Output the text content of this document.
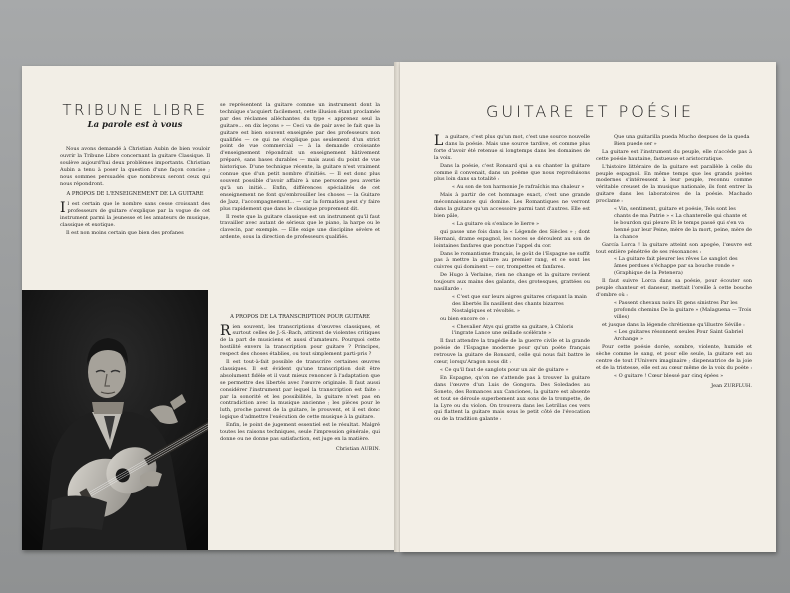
TRIBUNE LIBRE
La parole est à vous

Nous avons demandé à Christian Aubin de bien vouloir ouvrir la Tribune Libre concernant la guitare Classique. Il soulève aujourd'hui deux problèmes importants. Christian Aubin a tenu à poser la question d'une façon concise ; nous sommes persuadés que nombreux seront ceux qui nous répondront.

A PROPOS DE L'ENSEIGNEMENT DE LA GUITARE

Il est certain que le nombre sans cesse croissant des professeurs de guitare s'explique par la vogue de cet instrument parmi la jeunesse et les amateurs de musique, classique et exotique.

Il est non moins certain que bien des profanes

se représentent la guitare comme un instrument dont la technique s'acquiert facilement, cette illusion étant proclamée par des réclames alléchantes du type « apprenez seul la guitare... en dix leçons » — Ceci va de pair avec le fait que la guitare est bien souvent enseignée par des professeurs non qualifiés — ce qui ne s'explique pas seulement d'un strict point de vue commercial — à la demande croissante d'enseignement répondrait un enseignement hâtivement préparé, sans bases durables — mais aussi du point de vue historique. D'une technique récente, la guitare n'est vraiment connue que d'un petit nombre d'initiés. — Il est donc plus souvent possible d'avoir affaire à une personne peu avertie qu'à un initié... Enfin, différences spécialités de cet enseignement ne font qu'embrouiller les choses — la Guitare de Jazz, l'accompagnement... — car la formation peut s'y faire plus rapidement que dans le classique proprement dit.

Il reste que la guitare classique est un instrument qu'il faut travailler avec autant de sérieux que le piano, la harpe ou le clavecin, par exemple. — Elle exige une discipline sévère et ardente, sous la direction de professeurs qualifiés.

A PROPOS DE LA TRANSCRIPTION POUR GUITARE

Rien souvent, les transcriptions d'œuvres classiques, et surtout celles de J.-S.-Bach, attirent de violentes critiques de la part de musiciens et aussi d'amateurs. Pourquoi cette hostilité envers la transcription pour guitare ? Principes, respect des choses établies, ou tout simplement parti-pris ?

Il est tout-à-fait possible de transcrire certaines œuvres classiques. Il est évident qu'une transcription doit être absolument fidèle et il vaut mieux renoncer à l'adaptation que se permettre des libertés avec l'œuvre originale. Il faut aussi considérer l'instrument par lequel la transcription est faite : par la sonorité et les possibilités, la guitare n'est pas en contradiction avec la musique ancienne ; les pièces pour le luth, proche parent de la guitare, le prouvent, et il est donc logique d'admettre l'exécution de cette musique à la guitare.

Enfin, le point de jugement essentiel est le résultat. Malgré toutes les raisons techniques, seule l'impression générale, qui donne ou ne donne pas satisfaction, est juge en la matière.

Christian AUBIN.
GUITARE ET POÉSIE

La guitare, c'est plus qu'un mot, c'est une source nouvelle dans la poésie. Mais une source tardive, et comme plus forte d'avoir été retenue si longtemps dans les domaines de la voix.

Dans la poésie, c'est Ronsard qui a su chanter la guitare comme il convenait, dans un poème que nous reproduisons plus loin dans sa totalité :

« Au son de ton harmonie Je rafraîchis ma chaleur »

Mais à partir de cet hommage exact, c'est une grande méconnaissance qui domine. Les Romantiques ne verront dans la guitare qu'un accessoire parmi tant d'autres. Elle est bien pâle,

« La guitare où s'enlace le lierre »

qui passe une fois dans la « Légende des Siècles » ; dont Hernani, drame espagnol, les noces se déroulent au son de lointaines fanfares que ponctue l'appel du cor.

Dans le romantisme français, le goût de l'Espagne ne suffit pas à mettre la guitare au premier rang, et ce sont les cuivres qui dominent — cor, trompettes et fanfares.

De Hugo à Verlaine, rien ne change et la guitare revient toujours aux mains des galants, des grotesques, grattées ou nasillarde :

« C'est que sur leurs aigres guitares crispant la main des libertés Ils nasillent des chants bizarres Nostalgiques et révoltés. »

ou bien encore ce :

« Chevalier Atys qui gratte sa guitare, à Chloris l'ingrate Lance une œillade scélérate »

Il faut attendre la tragédie de la guerre civile et la grande poésie de l'Espagne moderne pour qu'un poète français retrouve la guitare de Ronsard, celle qui nous fait battre le cœur, lorsqu'Aragon nous dit :

« Ce qu'il faut de sanglots pour un air de guitare »

En Espagne, qu'on ne s'attende pas à trouver la guitare dans l'œuvre d'un Luis de Gongora. Des Soledades au Soneto, des Romances aux Canciones, la guitare est absente et tout se déroule superbement aux sons de la trompette, de la Lyre ou du violon. On trouvera dans les Letrillas ces vers qui flattent la guitare mais sous le petit côté de l'évocation ou de la tradition galante :

Que una guitarilla pueda Mucho despues de la queda Bien puede ser »

La guitare est l'instrument du peuple, elle n'accède pas à cette poésie hautaine, fastueuse et aristocratique.

L'histoire littéraire de la guitare est parallèle à celle du peuple espagnol. En même temps que les grands poètes modernes s'intéressent à leur peuple, reconnu comme véritable creuset de la musique nationale, ils font entrer la guitare dans les laboratoires de la poésie. Machado proclame :

« Vin, sentiment, guitare et poésie, Tels sont les chants de ma Patrie » « La chanterelle qui chante et le bourdon qui pleure Et le temps passé qui s'en va henné par leur Peine, mère de la mort, peine, mère de la chance

García Lorca ! la guitare atteint son apogée, l'œuvre est tout entière pénétrée de ses résonances :

« La guitare fait pleurer les rêves Le sanglot des âmes perdues s'échappe par sa bouche ronde » (Graphique de la Petenera)

Il faut suivre Lorca dans sa poésie, pour écouter son peuple chanteur et danseur, mettait l'oreille à cette bouche d'ombre où :

« Passent chevaux noirs Et gens sinistres Par les profonds chemins De la guitare » (Malaguena — Trois villes)

et jusque dans la légende chrétienne qu'illustre Séville :

« Les guitares résonnent seules Pour Saint Gabriel Archange »

Pour cette poésie dorée, sombre, violente, humide et sèche comme le sang, et pour elle seule, la guitare est au centre de tout l'Univers imaginaire ; dispensatrice de la joie et de la tristesse, elle est au cœur même de la voix du poète :

« O guitare ! Cœur blessé par cinq épées »

Jean ZURFLUH.
